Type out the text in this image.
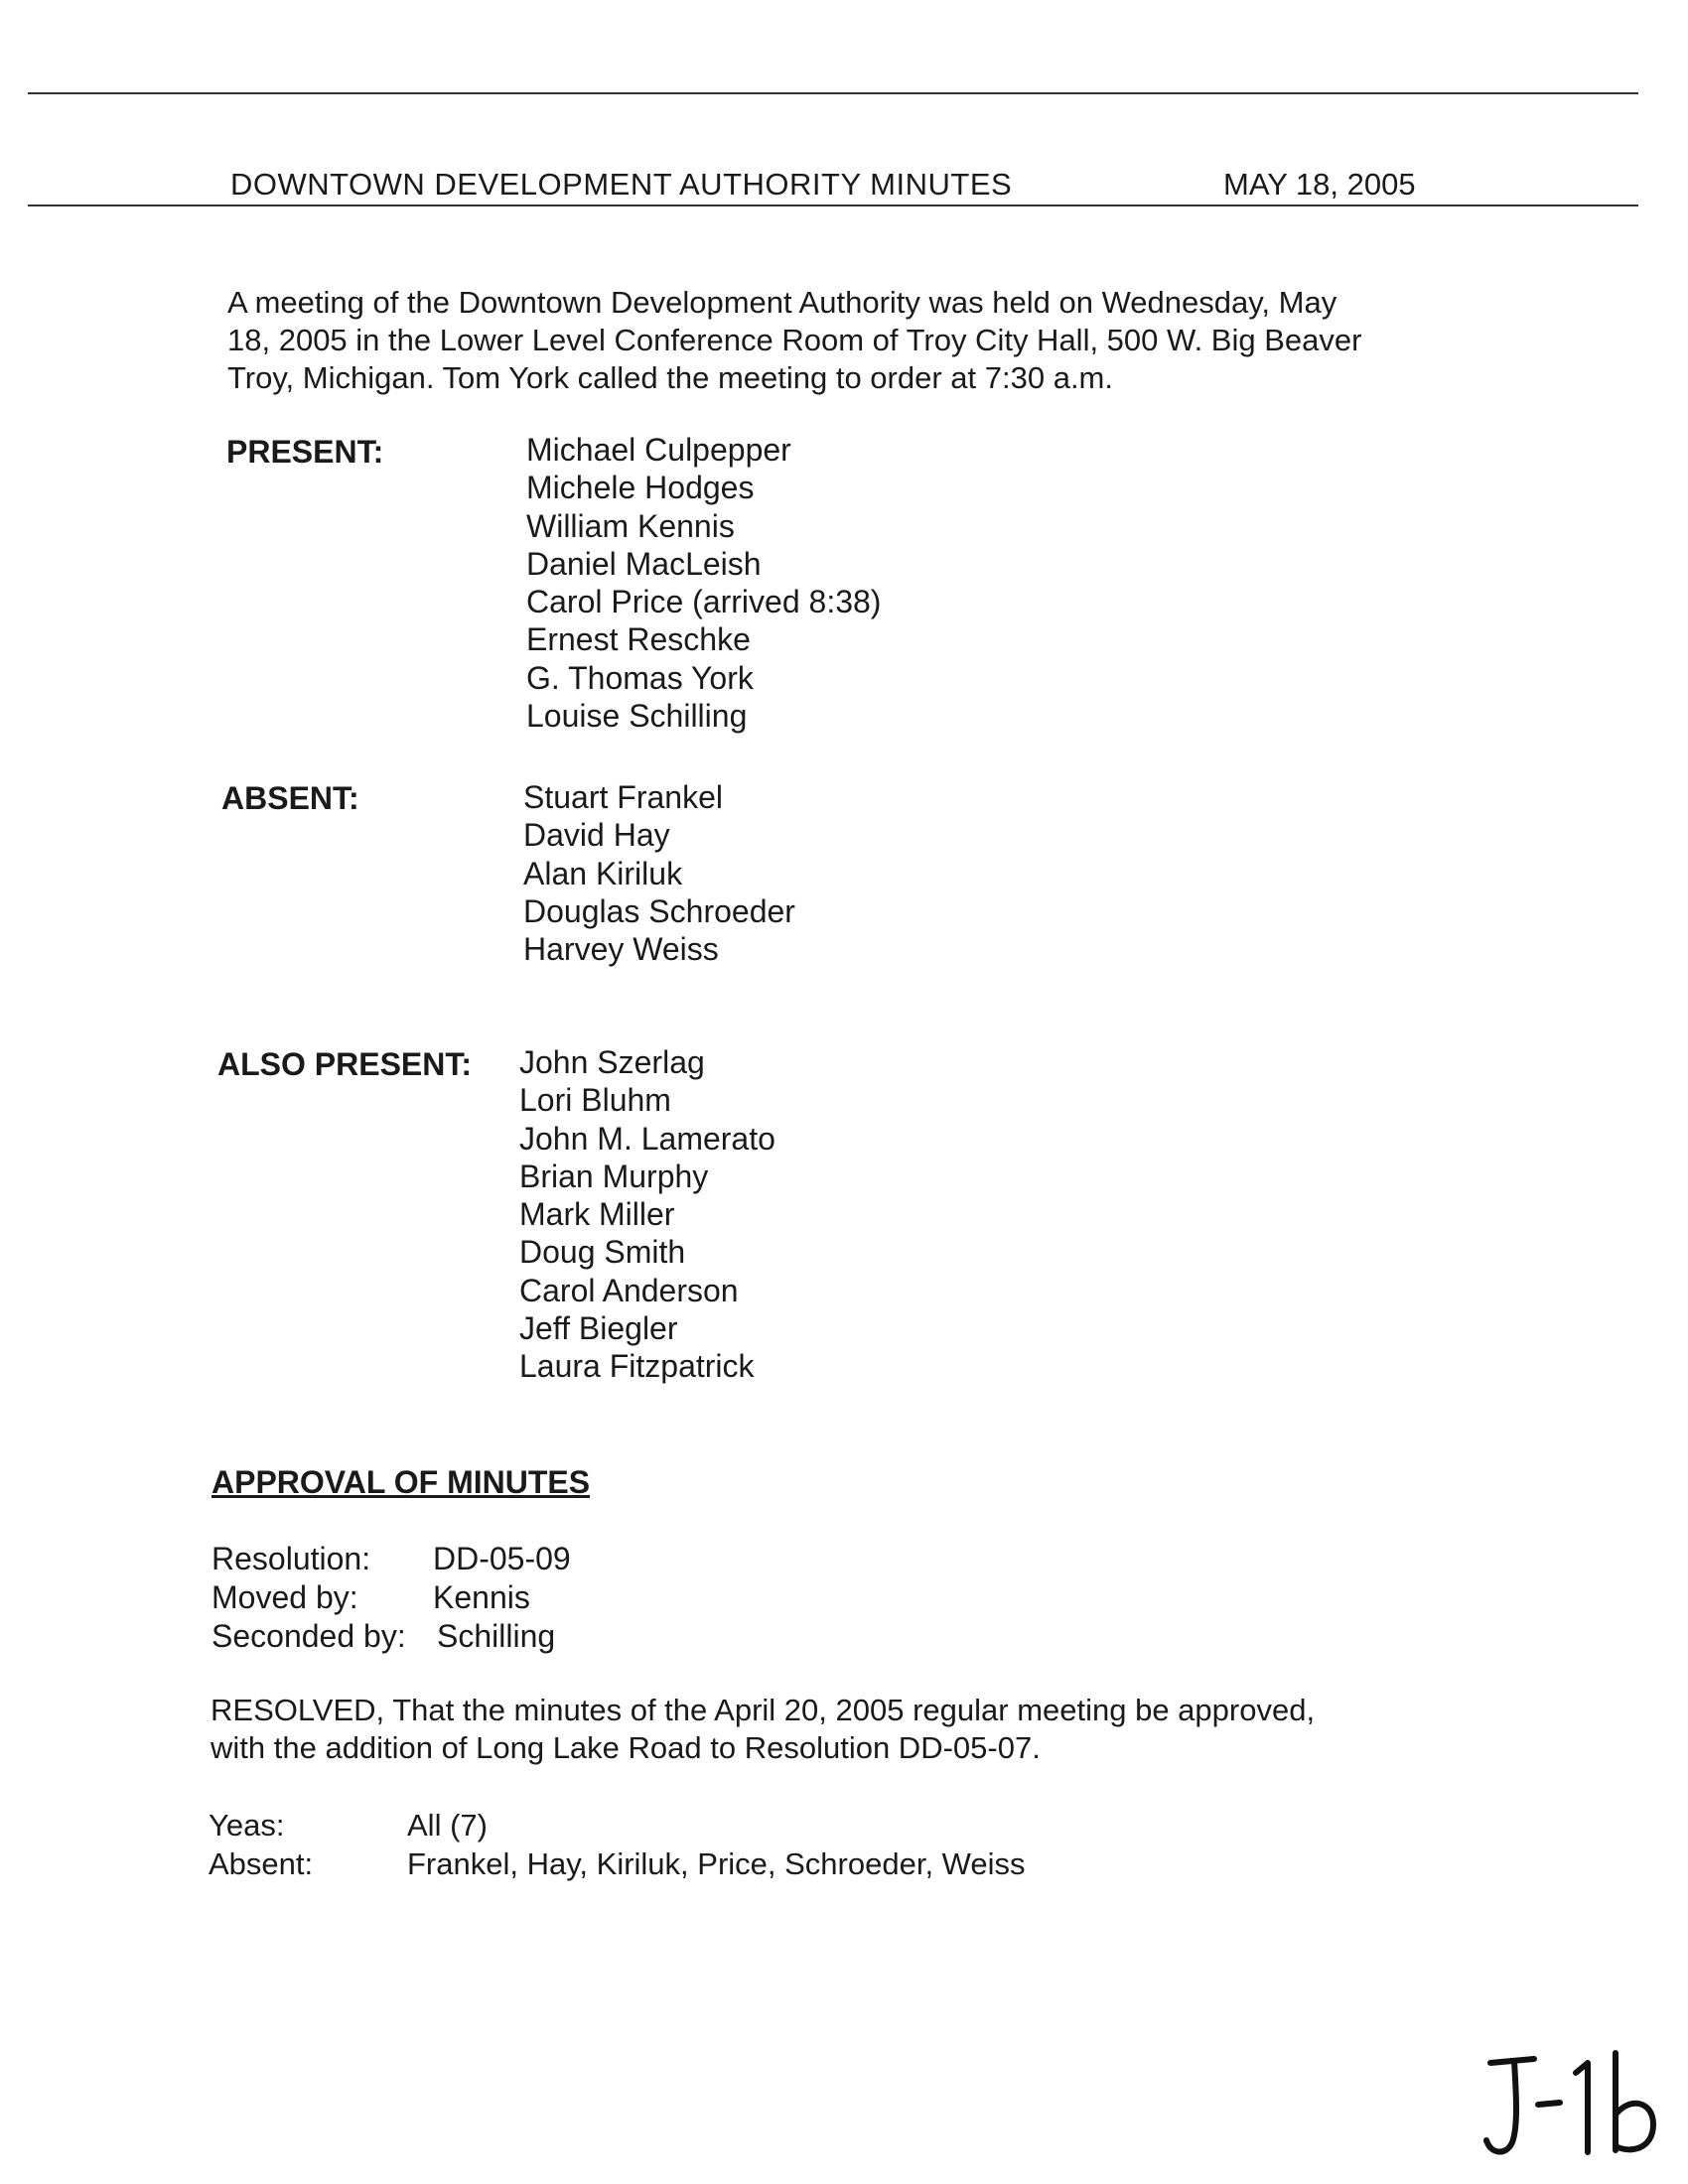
DOWNTOWN DEVELOPMENT AUTHORITY MINUTES	MAY 18, 2005

A meeting of the Downtown Development Authority was held on Wednesday, May
18, 2005 in the Lower Level Conference Room of Troy City Hall, 500 W. Big Beaver
Troy, Michigan. Tom York called the meeting to order at 7:30 a.m.

PRESENT:	Michael Culpepper
Michele Hodges
William Kennis
Daniel MacLeish
Carol Price (arrived 8:38)
Ernest Reschke
G. Thomas York
Louise Schilling
ABSENT:	Stuart Frankel
David Hay
Alan Kiriluk
Douglas Schroeder
Harvey Weiss
ALSO PRESENT: John Szerlag
Lori Bluhm
John M. Lamerato
Brian Murphy
Mark Miller
Doug Smith
Carol Anderson
Jeff Biegler
Laura Fitzpatrick
APPROVAL OF MINUTES
Resolution:	DD-05-09
Moved by:	Kennis
Seconded by: Schilling

RESOLVED, That the minutes of the April 20, 2005 regular meeting be approved,
with the addition of Long Lake Road to Resolution DD-05-07.

Yeas:	All (7)
Absent:	Frankel, Hay, Kiriluk, Price, Schroeder, Weiss
